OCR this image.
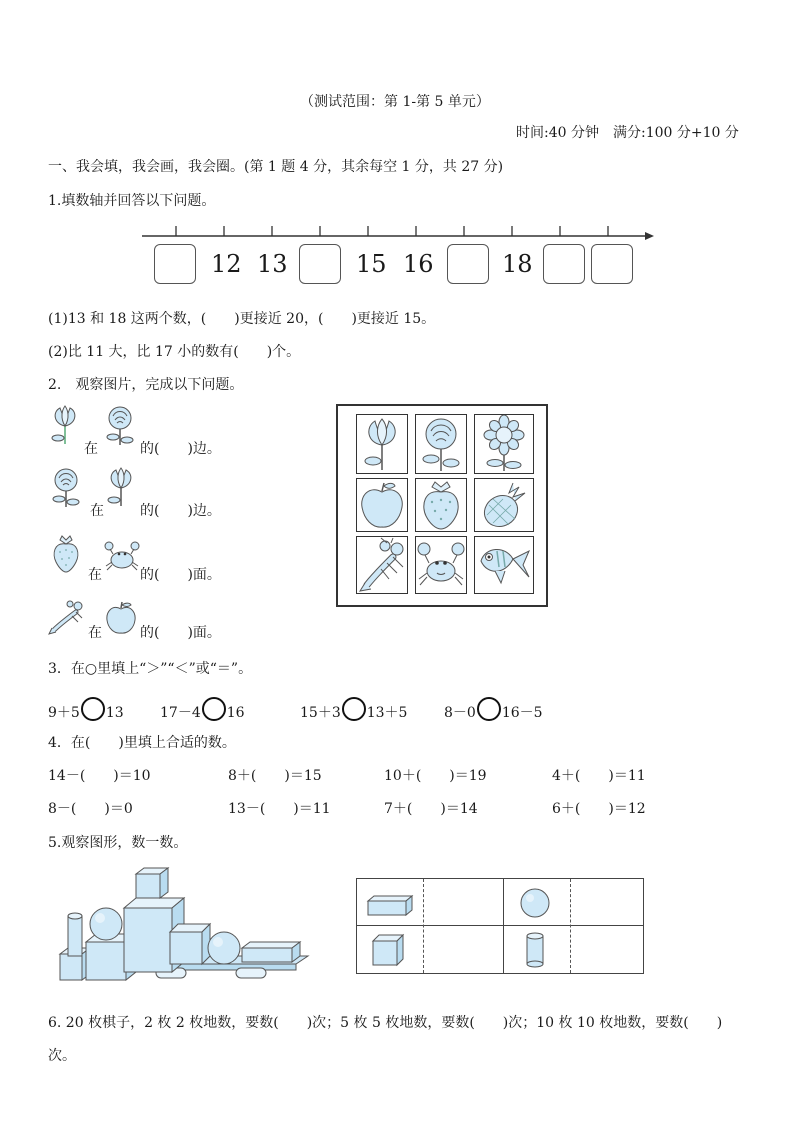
（测试范围：第 1-第 5 单元）
时间:40 分钟　满分:100 分+10 分
一、我会填，我会画，我会圈。(第 1 题 4 分，其余每空 1 分，共 27 分)
1.填数轴并回答以下问题。
12 13	15 16	18
(1)13 和 18 这两个数，(　　)更接近 20，(　　)更接近 15。
(2)比 11 大，比 17 小的数有(　　)个。
2.　观察图片，完成以下问题。
在	的(　　)边。
在	的(　　)边。
在	的(　　)面。
在	的(　　)面。
3．在○里填上“＞”“＜”或“＝”。
9＋5 13	17－4 16	15＋3 13＋5	8－0 16－5
4．在(　　)里填上合适的数。
14－(　　)＝10	8＋(　　)＝15	10＋(　　)＝19	4＋(　　)＝11
8－(　　)＝0	13－(　　)＝11	7＋(　　)＝14	6＋(　　)＝12
5.观察图形，数一数。
6. 20 枚棋子，2 枚 2 枚地数，要数(　　)次；5 枚 5 枚地数，要数(　　)次；10 枚 10 枚地数，要数(　　)
次。
